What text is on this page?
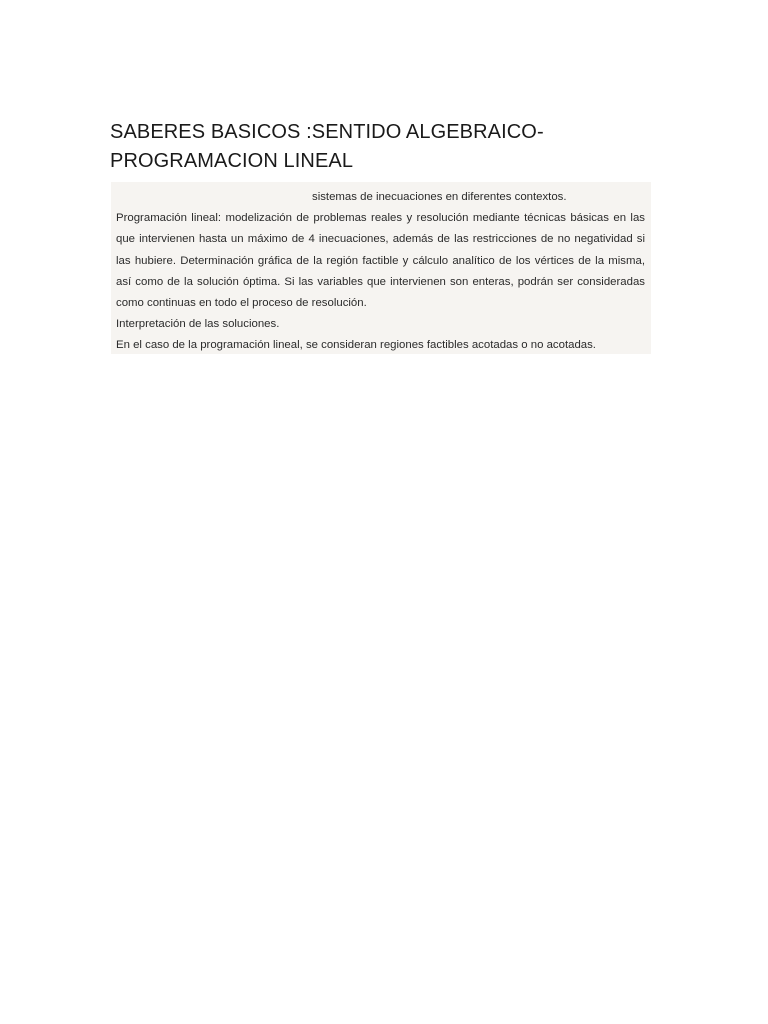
SABERES BASICOS :SENTIDO ALGEBRAICO-
PROGRAMACION LINEAL
sistemas de inecuaciones en diferentes contextos.

Programación lineal: modelización de problemas reales y resolución mediante técnicas básicas en las que intervienen hasta un máximo de 4 inecuaciones, además de las restricciones de no negatividad si las hubiere. Determinación gráfica de la región factible y cálculo analítico de los vértices de la misma, así como de la solución óptima. Si las variables que intervienen son enteras, podrán ser consideradas como continuas en todo el proceso de resolución.

Interpretación de las soluciones.

En el caso de la programación lineal, se consideran regiones factibles acotadas o no acotadas.
